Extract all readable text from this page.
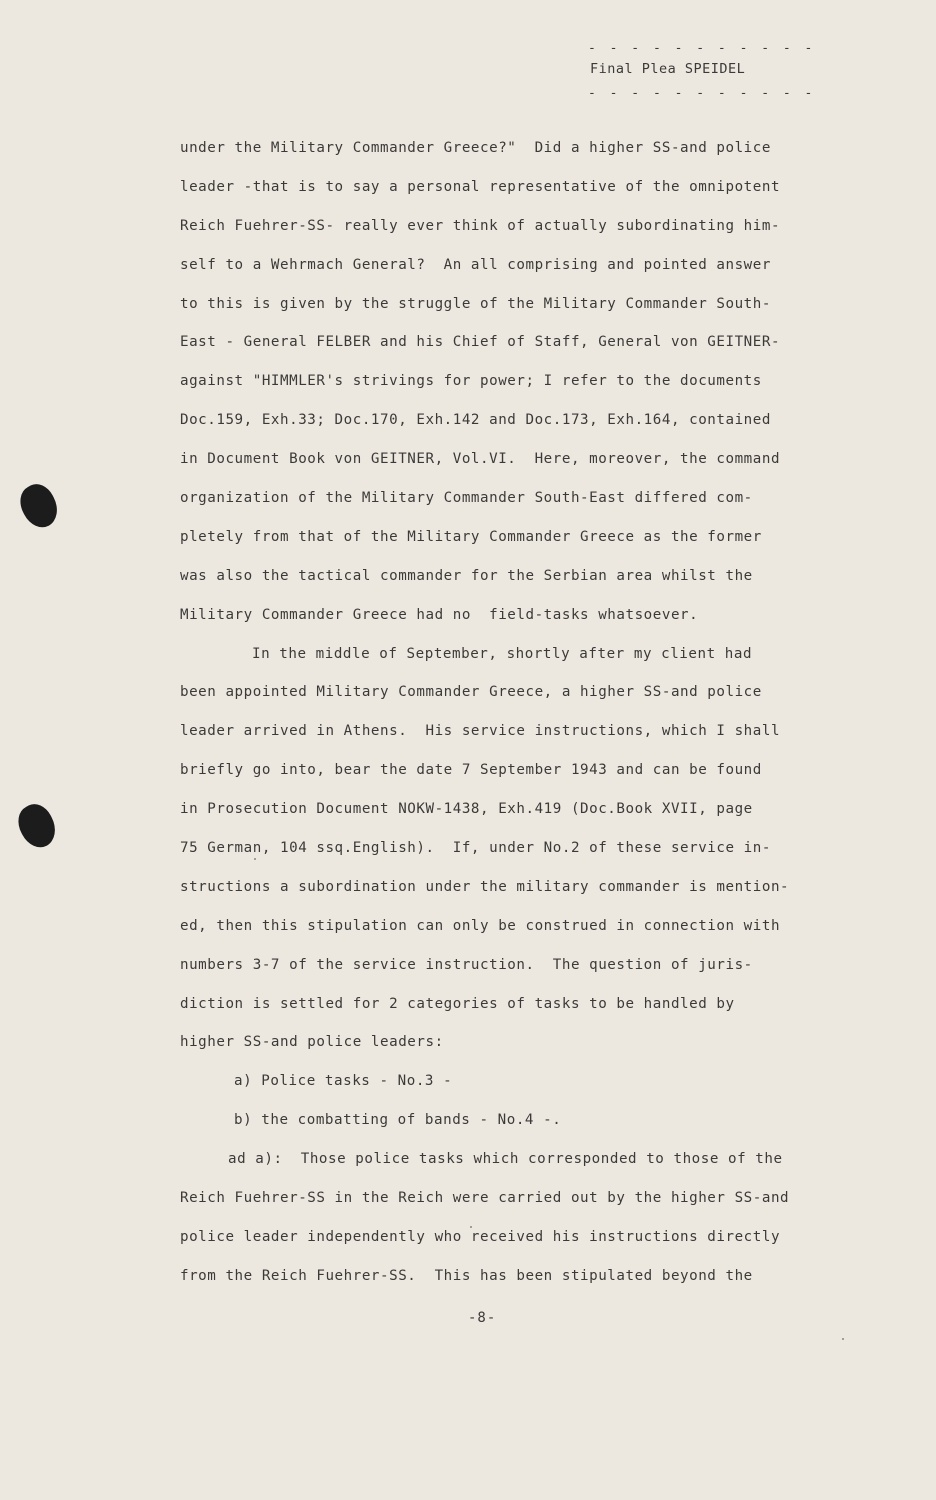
- - - - - - - - - - -
Final Plea SPEIDEL
- - - - - - - - - - -
under the Military Commander Greece?"  Did a higher SS-and police
leader -that is to say a personal representative of the omnipotent
Reich Fuehrer-SS- really ever think of actually subordinating him-
self to a Wehrmach General?  An all comprising and pointed answer
to this is given by the struggle of the Military Commander South-
East - General FELBER and his Chief of Staff, General von GEITNER-
against "HIMMLER's strivings for power; I refer to the documents
Doc.159, Exh.33; Doc.170, Exh.142 and Doc.173, Exh.164, contained
in Document Book von GEITNER, Vol.VI.  Here, moreover, the command
organization of the Military Commander South-East differed com-
pletely from that of the Military Commander Greece as the former
was also the tactical commander for the Serbian area whilst the
Military Commander Greece had no  field-tasks whatsoever.
In the middle of September, shortly after my client had
been appointed Military Commander Greece, a higher SS-and police
leader arrived in Athens.  His service instructions, which I shall
briefly go into, bear the date 7 September 1943 and can be found
in Prosecution Document NOKW-1438, Exh.419 (Doc.Book XVII, page
75 German, 104 ssq.English).  If, under No.2 of these service in-
structions a subordination under the military commander is mention-
ed, then this stipulation can only be construed in connection with
numbers 3-7 of the service instruction.  The question of juris-
diction is settled for 2 categories of tasks to be handled by
higher SS-and police leaders:
a) Police tasks - No.3 -
b) the combatting of bands - No.4 -.
ad a):  Those police tasks which corresponded to those of the
Reich Fuehrer-SS in the Reich were carried out by the higher SS-and
police leader independently who received his instructions directly
from the Reich Fuehrer-SS.  This has been stipulated beyond the
-8-
